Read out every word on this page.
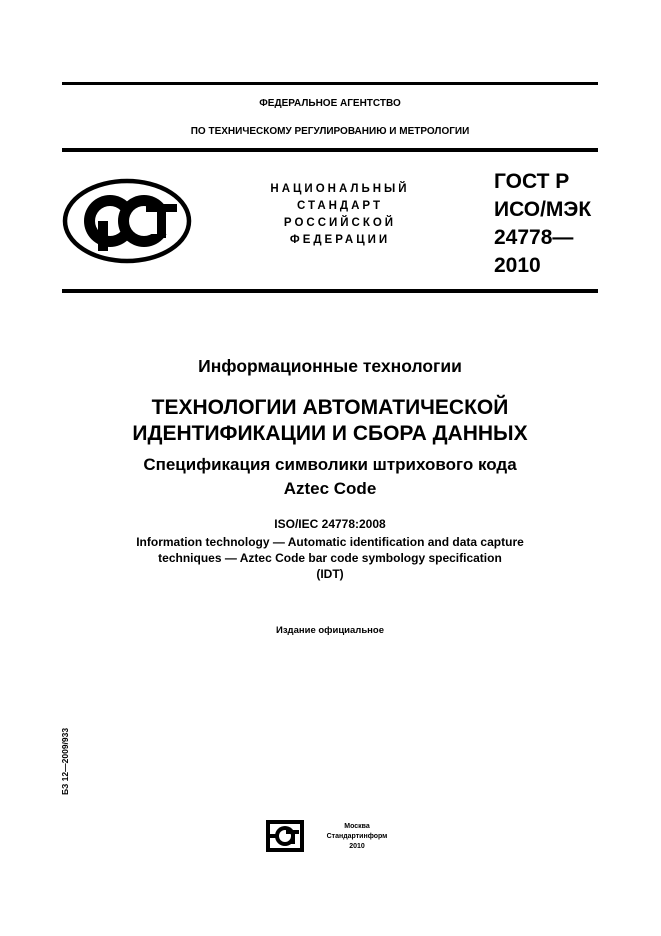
ФЕДЕРАЛЬНОЕ АГЕНТСТВО
ПО ТЕХНИЧЕСКОМУ РЕГУЛИРОВАНИЮ И МЕТРОЛОГИИ
НАЦИОНАЛЬНЫЙ
СТАНДАРТ
РОССИЙСКОЙ
ФЕДЕРАЦИИ
ГОСТ Р
ИСО/МЭК
24778—
2010
Информационные технологии
ТЕХНОЛОГИИ АВТОМАТИЧЕСКОЙ
ИДЕНТИФИКАЦИИ И СБОРА ДАННЫХ
Спецификация символики штрихового кода
Aztec Code
ISO/IEC 24778:2008
Information technology — Automatic identification and data capture
techniques — Aztec Code bar code symbology specification
(IDT)
Издание официальное
БЗ 12—2009/933
Москва
Стандартинформ
2010
